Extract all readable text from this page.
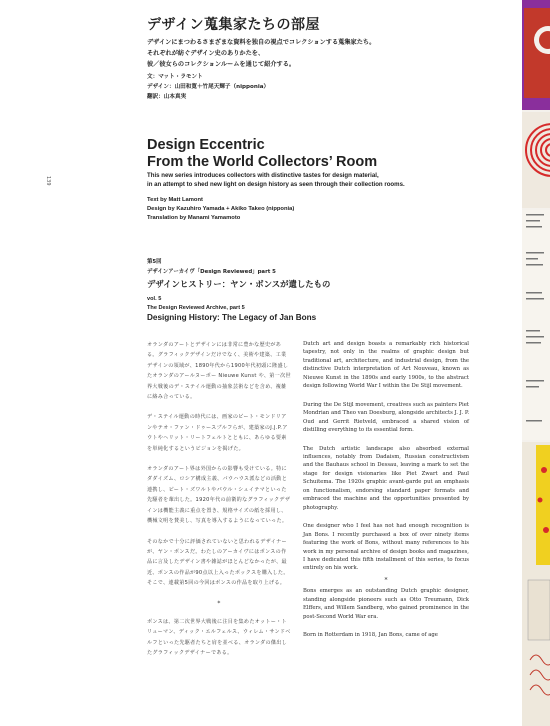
139
デザイン蒐集家たちの部屋
デザインにまつわるさまざまな資料を独自の視点でコレクションする蒐集家たち。
それぞれが紡ぐデザイン史のありかたを、
彼／彼女らのコレクションルームを通じて紹介する。
文：マット・ラモント
デザイン：山田和寛＋竹尾天輝子（nipponia）
翻訳：山本真実
Design Eccentric
From the World Collectors’ Room
This new series introduces collectors with distinctive tastes for design material,
in an attempt to shed new light on design history as seen through their collection rooms.
Text by Matt Lamont
Design by Kazuhiro Yamada + Akiko Takeo (nipponia)
Translation by Manami Yamamoto
第5回
デザインアーカイヴ「Design Reviewed」part 5
デザインヒストリー：ヤン・ボンスが遺したもの
vol. 5
The Design Reviewed Archive, part 5
Designing History: The Legacy of Jan Bons

オランダのアートとデザインには非常に豊かな歴史がある。グラフィックデザインだけでなく、美術や建築、工業デザインの領域が、1890年代から1900年代初頭に隆盛したオランダのアールヌーボー Nieuwe Kunst や、第一次世界大戦後のデ・ステイル運動の抽象芸術などを含め、複雑に絡み合っている。

デ・ステイル運動の時代には、画家のピート・モンドリアンやテオ・ファン・ドゥースブルフらが、建築家のJ.J.P.アウトやヘリット・リートフェルトとともに、あらゆる要素を単純化するというビジョンを掲げた。

オランダのアート界は外国からの影響も受けている。特にダダイズム、ロシア構成主義、バウハウス派などの活動と連携し、ピート・ズワルトやパウル・シュイテマといった先駆者を輩出した。1920年代の前衛的なグラフィックデザインは機能主義に重点を置き、規格サイズの紙を採用し、機械文明を賛美し、写真を導入するようになっていった。

そのなかで十分に評価されていないと思われるデザイナーが、ヤン・ボンスだ。わたしのアーカイヴにはボンスの作品に言及したデザイン書や雑誌がほとんどなかったが、最近、ボンスの作品が90点以上入ったボックスを購入した。そこで、連載第5回の今回はボンスの作品を取り上げる。

*

ボンスは、第二次世界大戦後に注目を集めたオットー・トリューマン、ディック・エルフェルス、ウィレム・サンドベルフといった先駆者たちと肩を並べる、オランダの傑出したグラフィックデザイナーである。

Dutch art and design boasts a remarkably rich historical tapestry, not only in the realms of graphic design but traditional art, architecture, and industrial design, from the distinctive Dutch interpretation of Art Nouveau, known as Nieuwe Kunst in the 1890s and early 1900s, to the abstract design following World War I within the De Stijl movement.

During the De Stijl movement, creatives such as painters Piet Mondrian and Theo van Doesburg, alongside architects J. J. P. Oud and Gerrit Rietveld, embraced a shared vision of distilling everything to its essential form.

The Dutch artistic landscape also absorbed external influences, notably from Dadaism, Russian constructivism and the Bauhaus school in Dessau, leaving a mark to set the stage for design visionaries like Piet Zwart and Paul Schuitema. The 1920s graphic avant-garde put an emphasis on functionalism, endorsing standard paper formats and embraced the machine and the opportunities presented by photography.

One designer who I feel has not had enough recognition is Jan Bons. I recently purchased a box of over ninety items featuring the work of Bons, without many references to his work in my personal archive of design books and magazines, I have dedicated this fifth installment of this series, to focus entirely on his work.

*

Bons emerges as an outstanding Dutch graphic designer, standing alongside pioneers such as Otto Treumann, Dick Elffers, and Willem Sandberg, who gained prominence in the post-Second World War era.

Born in Rotterdam in 1918, Jan Bons, came of age
